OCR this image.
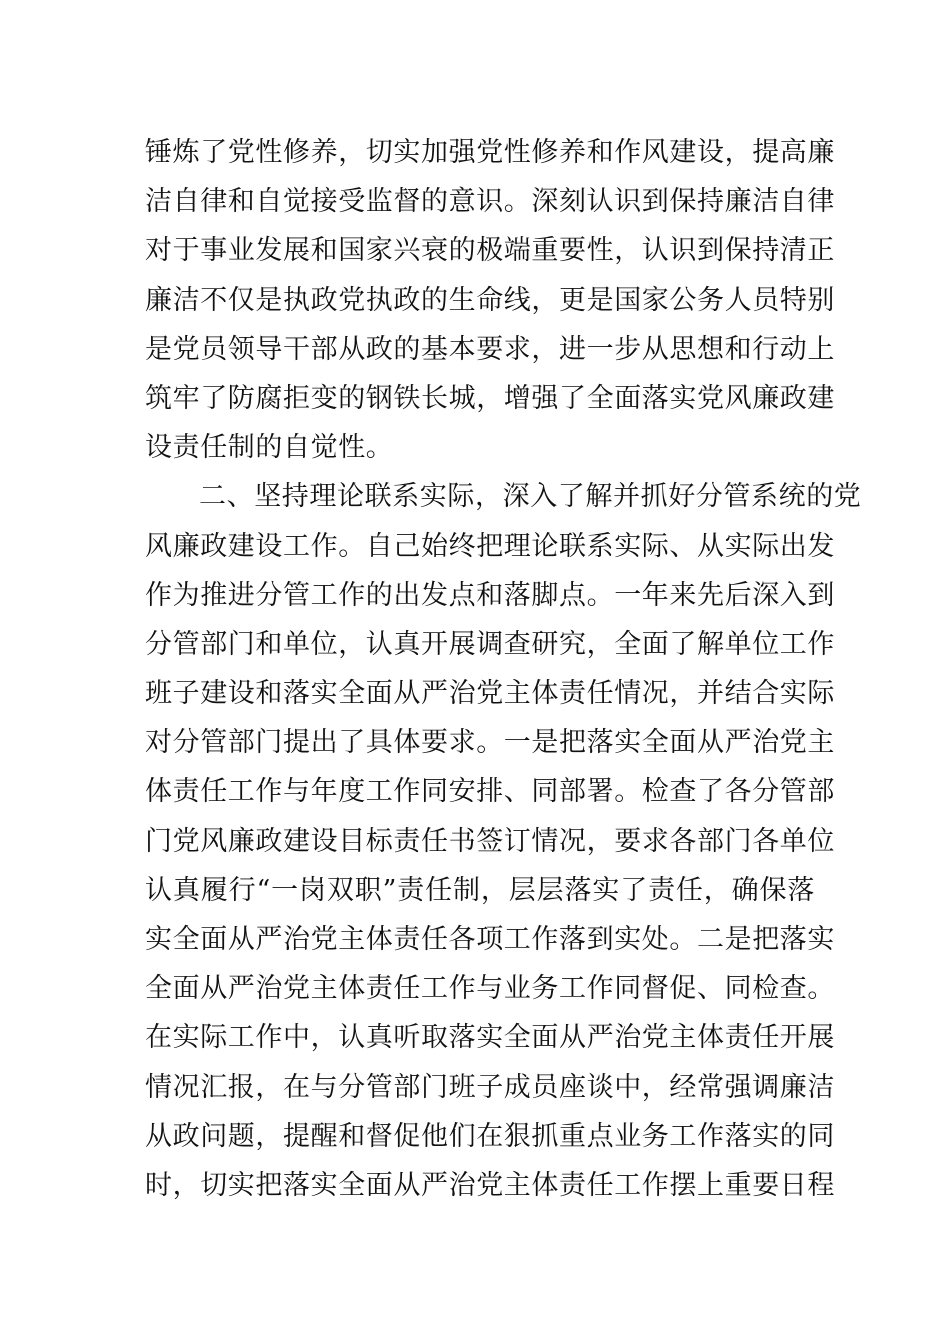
锤炼了党性修养，切实加强党性修养和作风建设，提高廉
洁自律和自觉接受监督的意识。深刻认识到保持廉洁自律
对于事业发展和国家兴衰的极端重要性，认识到保持清正
廉洁不仅是执政党执政的生命线，更是国家公务人员特别
是党员领导干部从政的基本要求，进一步从思想和行动上
筑牢了防腐拒变的钢铁长城，增强了全面落实党风廉政建
设责任制的自觉性。
二、坚持理论联系实际，深入了解并抓好分管系统的党
风廉政建设工作。自己始终把理论联系实际、从实际出发
作为推进分管工作的出发点和落脚点。一年来先后深入到
分管部门和单位，认真开展调查研究，全面了解单位工作
班子建设和落实全面从严治党主体责任情况，并结合实际
对分管部门提出了具体要求。一是把落实全面从严治党主
体责任工作与年度工作同安排、同部署。检查了各分管部
门党风廉政建设目标责任书签订情况，要求各部门各单位
认真履行“一岗双职”责任制，层层落实了责任，确保落
实全面从严治党主体责任各项工作落到实处。二是把落实
全面从严治党主体责任工作与业务工作同督促、同检查。
在实际工作中，认真听取落实全面从严治党主体责任开展
情况汇报，在与分管部门班子成员座谈中，经常强调廉洁
从政问题，提醒和督促他们在狠抓重点业务工作落实的同
时，切实把落实全面从严治党主体责任工作摆上重要日程
